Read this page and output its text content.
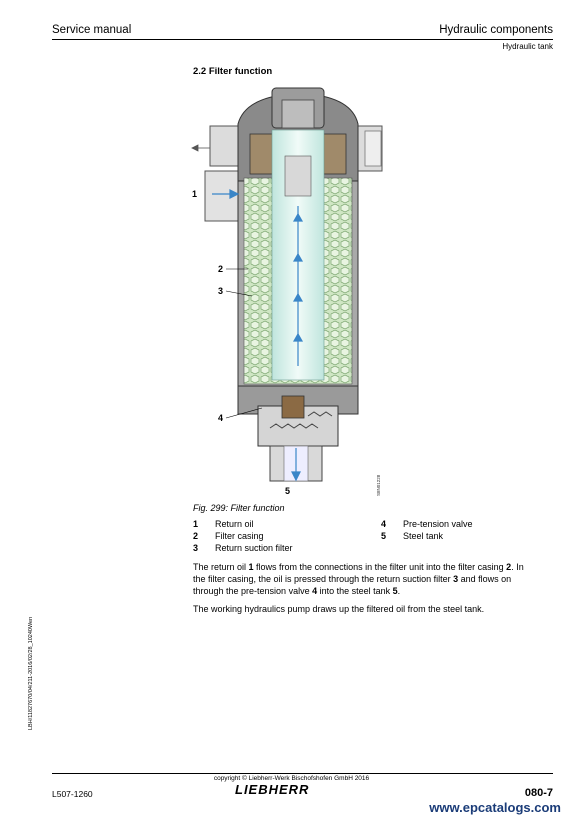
Service manual	Hydraulic components
Hydraulic tank
2.2 Filter function
1
2
3
4
5	S8N01228
Fig. 299: Filter function
1 Return oil
2 Filter casing
3 Return suction filter
4 Pre-tension valve
5 Steel tank
The return oil 1 flows from the connections in the filter unit into the filter casing 2. In the filter casing, the oil is pressed through the return suction filter 3 and flows on through the pre-tension valve 4 into the steel tank 5.
The working hydraulics pump draws up the filtered oil from the steel tank.
LBH/11827670/04/211-2016/02/28_10240Wen
copyright © Liebherr-Werk Bischofshofen GmbH 2016
L507-1260	LIEBHERR	080-7
www.epcatalogs.com
